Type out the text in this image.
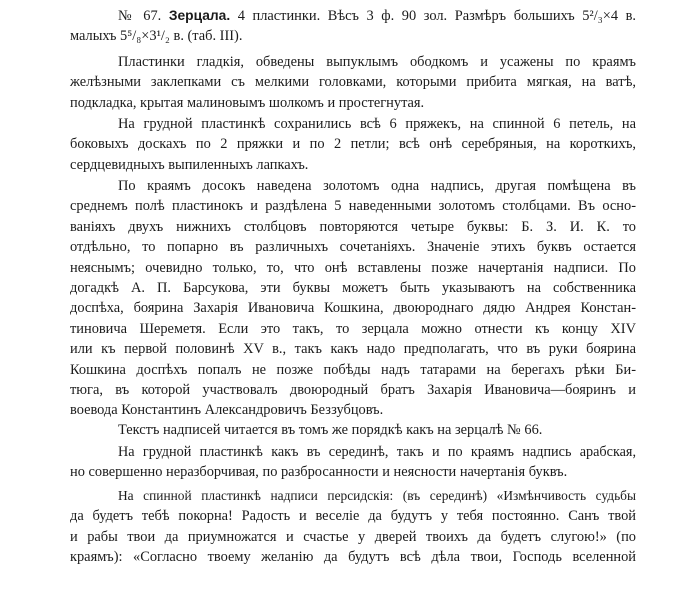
№ 67. Зерцала. 4 пластинки. Вѣсъ 3 ф. 90 зол. Размѣръ большихъ 5²/₃×4 в.
малыхъ 5⁵/₈×3¹/₂ в. (таб. III).
Пластинки гладкія, обведены выпуклымъ ободкомъ и усажены по краямъ
желѣзными заклепками съ мелкими головками, которыми прибита мягкая, на ватѣ,
подкладка, крытая малиновымъ шолкомъ и простегнутая.
На грудной пластинкѣ сохранились всѣ 6 пряжекъ, на спинной 6 петель, на
боковыхъ доскахъ по 2 пряжки и по 2 петли; всѣ онѣ серебряныя, на короткихъ,
сердцевидныхъ выпиленныхъ лапкахъ.
По краямъ досокъ наведена золотомъ одна надпись, другая помѣщена въ
среднемъ полѣ пластинокъ и раздѣлена 5 наведенными золотомъ столбцами. Въ осно-
ваніяхъ двухъ нижнихъ столбцовъ повторяются четыре буквы: Б. З. И. К. то
отдѣльно, то попарно въ различныхъ сочетаніяхъ. Значеніе этихъ буквъ остается
неяснымъ; очевидно только, то, что онѣ вставлены позже начертанія надписи. По
догадкѣ А. П. Барсукова, эти буквы можетъ быть указываютъ на собственника
доспѣха, боярина Захарія Ивановича Кошкина, двоюроднаго дядю Андрея Констан-
тиновича Шереметя. Если это такъ, то зерцала можно отнести къ концу XIV
или къ первой половинѣ XV в., такъ какъ надо предполагать, что въ руки боярина
Кошкина доспѣхъ попалъ не позже побѣды надъ татарами на берегахъ рѣки Би-
тюга, въ которой участвовалъ двоюродный братъ Захарія Ивановича—бояринъ и
воевода Константинъ Александровичъ Беззубцовъ.
Текстъ надписей читается въ томъ же порядкѣ какъ на зерцалѣ № 66.
На грудной пластинкѣ какъ въ серединѣ, такъ и по краямъ надпись арабская,
но совершенно неразборчивая, по разбросанности и неясности начертанія буквъ.
На спинной пластинкѣ надписи персидскія: (въ серединѣ) «Измѣнчивость судьбы
да будетъ тебѣ покорна! Радость и веселіе да будутъ у тебя постоянно. Санъ твой
и рабы твои да приумножатся и счастье у дверей твоихъ да будетъ слугою!» (по
краямъ): «Согласно твоему желанію да будутъ всѣ дѣла твои, Господь вселенной
